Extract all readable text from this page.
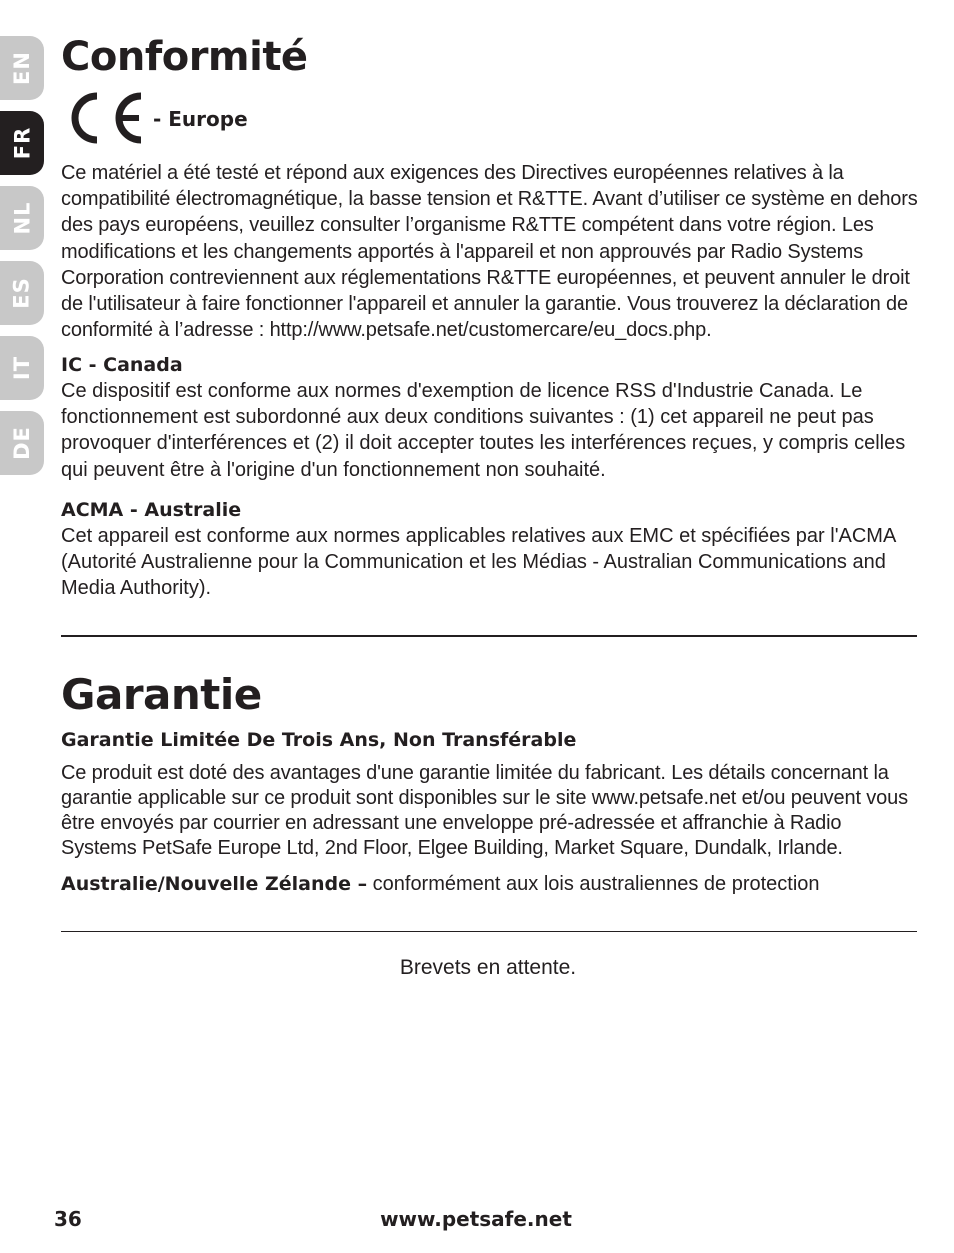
EN
FR
NL
ES
IT
DE
Conformité
- Europe

Ce matériel a été testé et répond aux exigences des Directives européennes relatives à la compatibilité électromagnétique, la basse tension et R&TTE. Avant d’utiliser ce système en dehors des pays européens, veuillez consulter l’organisme R&TTE compétent dans votre région. Les modifications et les changements apportés à l'appareil et non approuvés par Radio Systems Corporation contreviennent aux réglementations R&TTE européennes, et peuvent annuler le droit de l'utilisateur à faire fonctionner l'appareil et annuler la garantie. Vous trouverez la déclaration de conformité à l’adresse : http://www.petsafe.net/customercare/eu_docs.php.

IC - Canada

Ce dispositif est conforme aux normes d'exemption de licence RSS d'Industrie Canada. Le fonctionnement est subordonné aux deux conditions suivantes : (1) cet appareil ne peut pas provoquer d'interférences et (2) il doit accepter toutes les interférences reçues, y compris celles qui peuvent être à l'origine d'un fonctionnement non souhaité.

ACMA - Australie

Cet appareil est conforme aux normes applicables relatives aux EMC et spécifiées par l'ACMA (Autorité Australienne pour la Communication et les Médias - Australian Communications and Media Authority).

Garantie

Garantie Limitée De Trois Ans, Non Transférable

Ce produit est doté des avantages d'une garantie limitée du fabricant. Les détails concernant la garantie applicable sur ce produit sont disponibles sur le site www.petsafe.net et/ou peuvent vous être envoyés par courrier en adressant une enveloppe pré-adressée et affranchie à Radio Systems PetSafe Europe Ltd, 2nd Floor, Elgee Building, Market Square, Dundalk, Irlande.

Australie/Nouvelle Zélande – conformément aux lois australiennes de protection

Brevets en attente.
36	www.petsafe.net
